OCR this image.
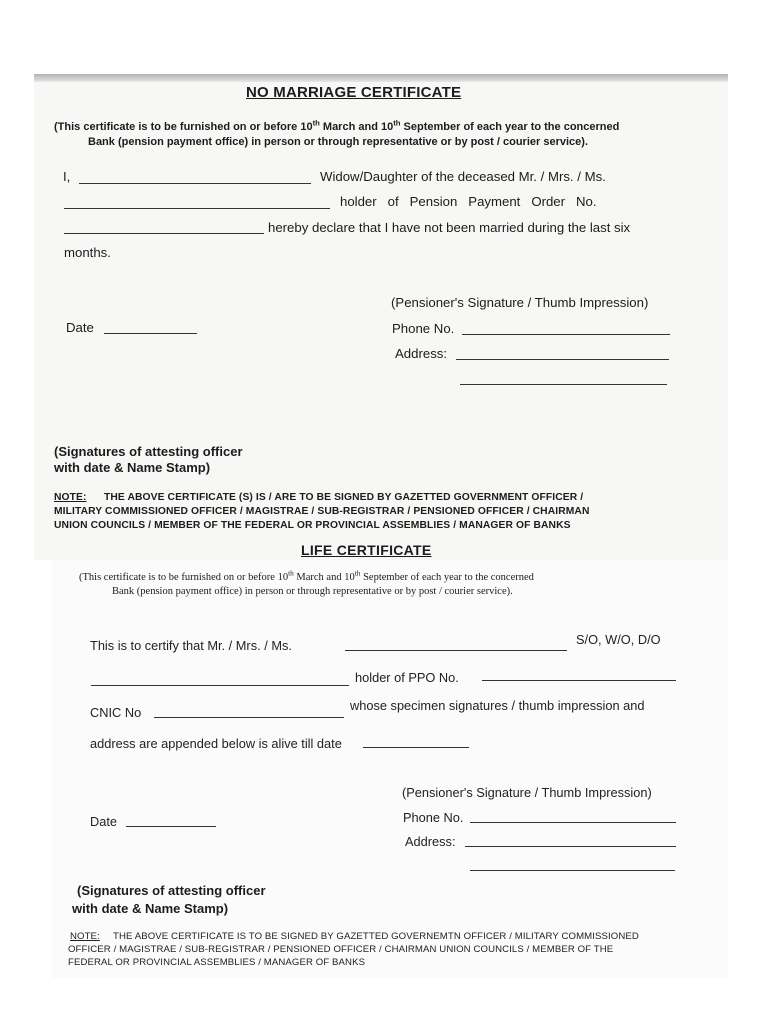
NO MARRIAGE CERTIFICATE
(This certificate is to be furnished on or before 10th March and 10th September of each year to the concerned
Bank (pension payment office) in person or through representative or by post / courier service).
I,	Widow/Daughter of the deceased Mr. / Mrs. / Ms.
holder   of   Pension   Payment   Order   No.
hereby declare that I have not been married during the last six
months.
(Pensioner's Signature / Thumb Impression)
Date	Phone No.
Address:
(Signatures of attesting officer
with date & Name Stamp)
NOTE: THE ABOVE CERTIFICATE (S) IS / ARE TO BE SIGNED BY GAZETTED GOVERNMENT OFFICER /
MILITARY COMMISSIONED OFFICER / MAGISTRAE / SUB-REGISTRAR / PENSIONED OFFICER / CHAIRMAN
UNION COUNCILS / MEMBER OF THE FEDERAL OR PROVINCIAL ASSEMBLIES / MANAGER OF BANKS
LIFE CERTIFICATE
(This certificate is to be furnished on or before 10th March and 10th September of each year to the concerned
Bank (pension payment office) in person or through representative or by post / courier service).
This is to certify that Mr. / Mrs. / Ms.	S/O, W/O, D/O
holder of PPO No.
CNIC No	whose specimen signatures / thumb impression and
address are appended below is alive till date
(Pensioner's Signature / Thumb Impression)
Date	Phone No.
Address:
(Signatures of attesting officer
with date & Name Stamp)
NOTE: THE ABOVE CERTIFICATE IS TO BE SIGNED BY GAZETTED GOVERNEMTN OFFICER / MILITARY COMMISSIONED
OFFICER / MAGISTRAE / SUB-REGISTRAR / PENSIONED OFFICER / CHAIRMAN UNION COUNCILS / MEMBER OF THE
FEDERAL OR PROVINCIAL ASSEMBLIES / MANAGER OF BANKS
